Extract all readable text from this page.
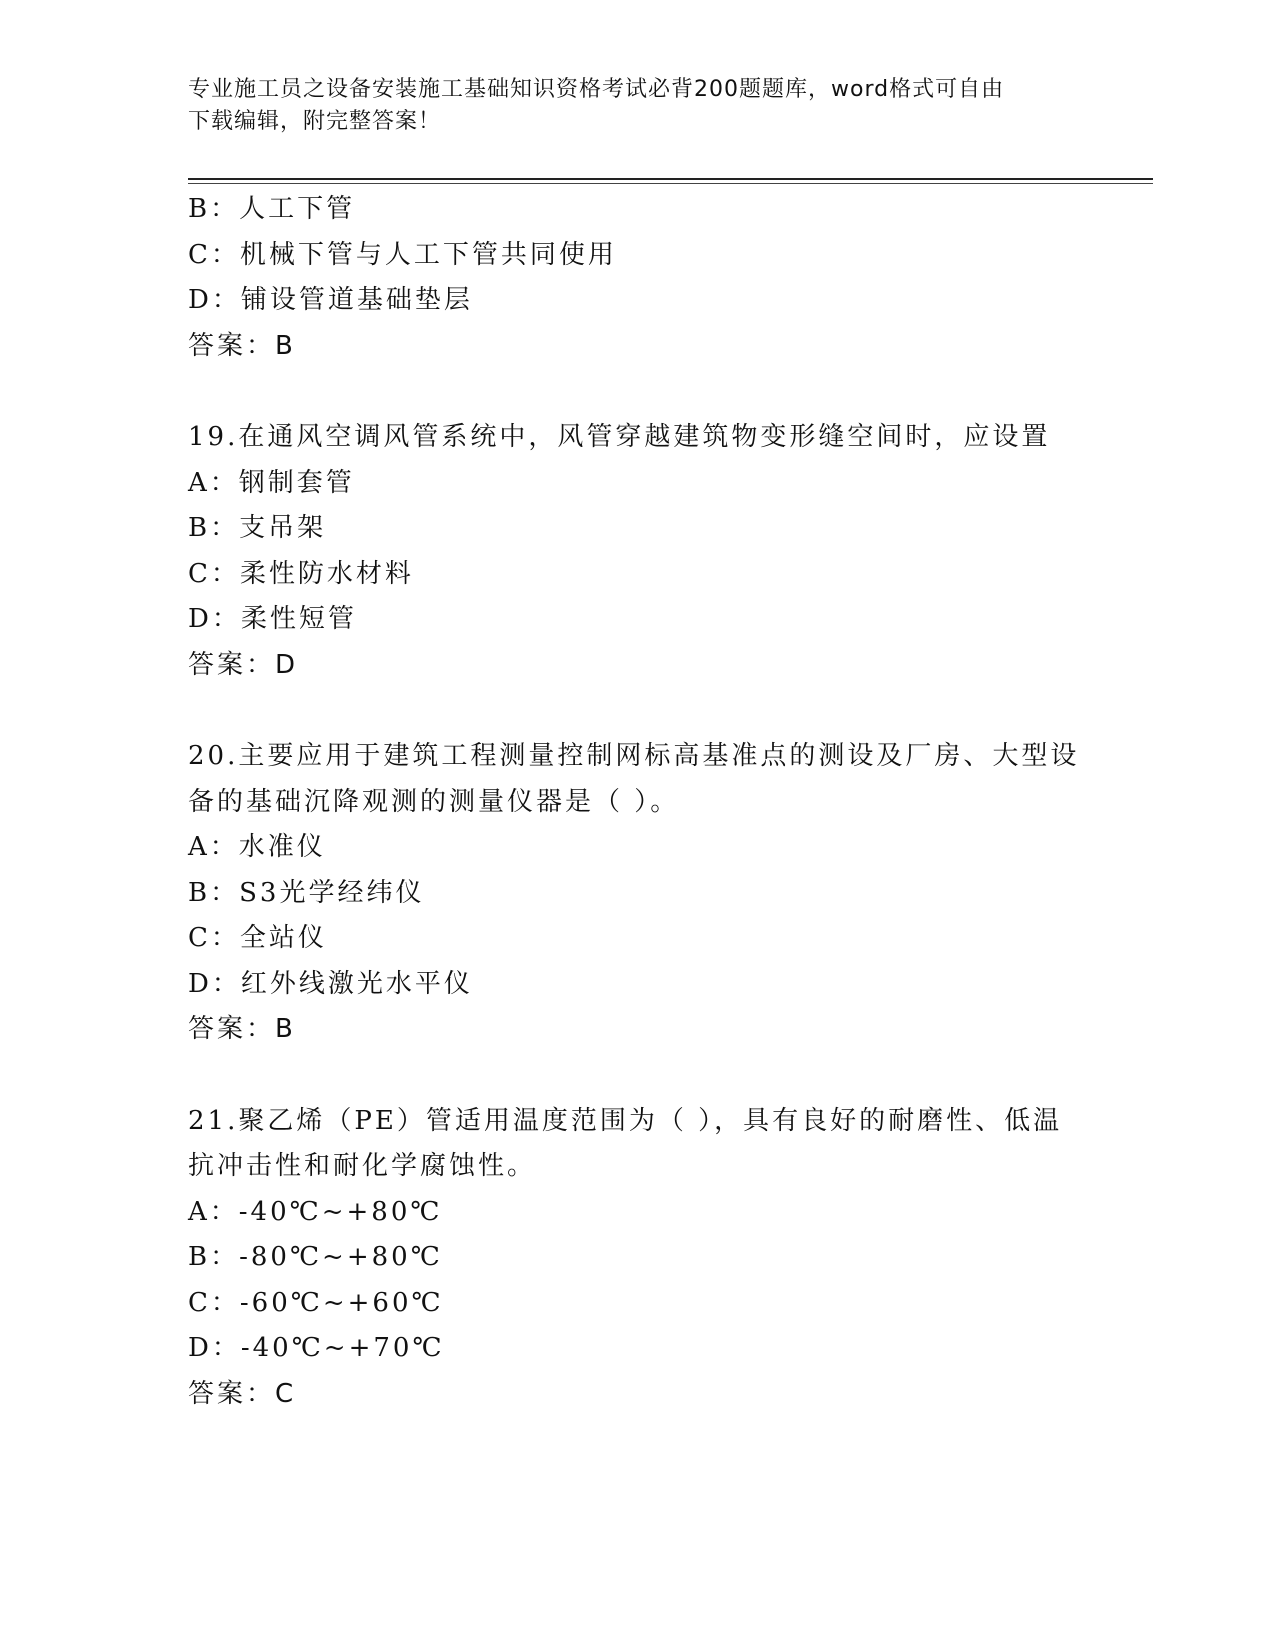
专业施工员之设备安装施工基础知识资格考试必背200题题库，word格式可自由
下载编辑，附完整答案！
B：人工下管
C：机械下管与人工下管共同使用
D：铺设管道基础垫层
答案：B
19.在通风空调风管系统中，风管穿越建筑物变形缝空间时，应设置
A：钢制套管
B：支吊架
C：柔性防水材料
D：柔性短管
答案：D
20.主要应用于建筑工程测量控制网标高基准点的测设及厂房、大型设
备的基础沉降观测的测量仪器是（ ）。
A：水准仪
B：S3光学经纬仪
C：全站仪
D：红外线激光水平仪
答案：B
21.聚乙烯（PE）管适用温度范围为（ ），具有良好的耐磨性、低温
抗冲击性和耐化学腐蚀性。
A：-40℃~+80℃
B：-80℃~+80℃
C：-60℃~+60℃
D：-40℃~+70℃
答案：C
